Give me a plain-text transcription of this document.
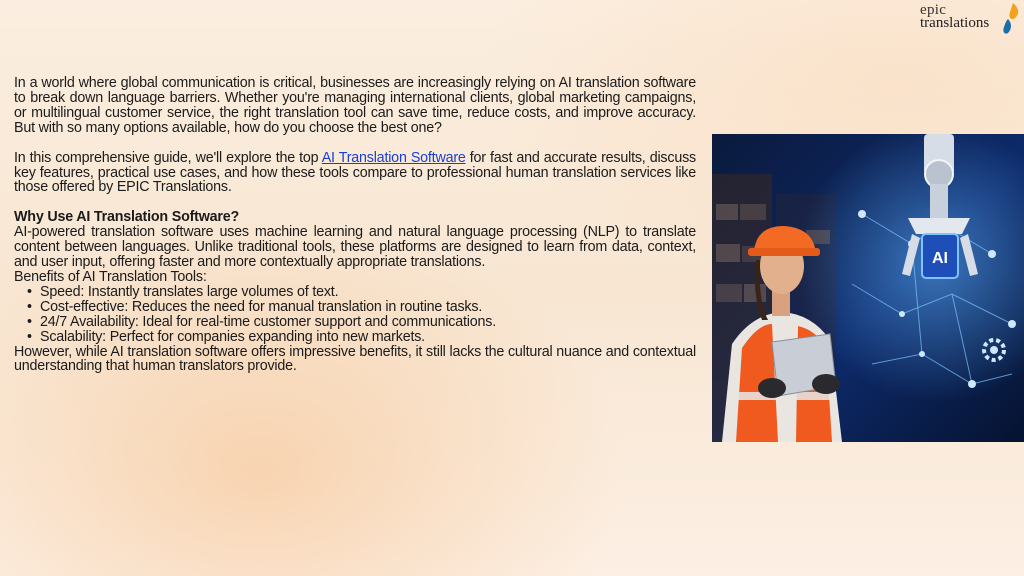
epic
translations

In a world where global communication is critical, businesses are increasingly relying on AI translation software to break down language barriers. Whether you're managing international clients, global marketing campaigns, or multilingual customer service, the right translation tool can save time, reduce costs, and improve accuracy. But with so many options available, how do you choose the best one?

In this comprehensive guide, we'll explore the top AI Translation Software for fast and accurate results, discuss key features, practical use cases, and how these tools compare to professional human translation services like those offered by EPIC Translations.

Why Use AI Translation Software?

AI-powered translation software uses machine learning and natural language processing (NLP) to translate content between languages. Unlike traditional tools, these platforms are designed to learn from data, context, and user input, offering faster and more contextually appropriate translations.

Benefits of AI Translation Tools:

• Speed: Instantly translates large volumes of text.
• Cost-effective: Reduces the need for manual translation in routine tasks.
• 24/7 Availability: Ideal for real-time customer support and communications.
• Scalability: Perfect for companies expanding into new markets.

However, while AI translation software offers impressive benefits, it still lacks the cultural nuance and contextual understanding that human translators provide.

AI
